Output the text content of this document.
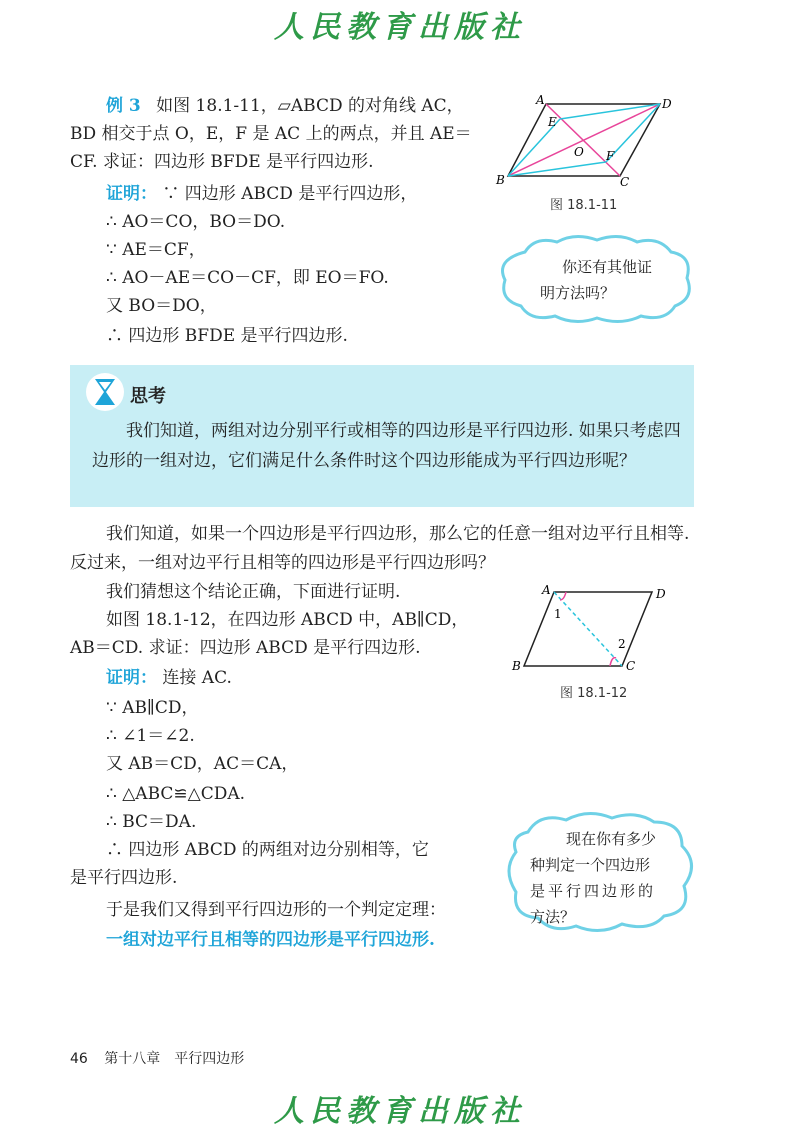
人民教育出版社
例 3 如图 18.1-11，▱ABCD 的对角线 AC，
BD 相交于点 O，E，F 是 AC 上的两点，并且 AE＝
CF. 求证：四边形 BFDE 是平行四边形.
证明： ∵ 四边形 ABCD 是平行四边形，
∴ AO＝CO，BO＝DO.
∵ AE＝CF，
∴ AO－AE＝CO－CF，即 EO＝FO.
又 BO＝DO，
∴ 四边形 BFDE 是平行四边形.
A	D
B	C
E
F
O
图 18.1-11
你还有其他证
明方法吗？
思考
我们知道，两组对边分别平行或相等的四边形是平行四边形. 如果只考虑四边形的一组对边，它们满足什么条件时这个四边形能成为平行四边形呢？
我们知道，如果一个四边形是平行四边形，那么它的任意一组对边平行且相等. 反过来，一组对边平行且相等的四边形是平行四边形吗？
我们猜想这个结论正确，下面进行证明.
如图 18.1-12，在四边形 ABCD 中，AB∥CD，
AB＝CD. 求证：四边形 ABCD 是平行四边形.
证明： 连接 AC.
∵ AB∥CD，
∴ ∠1＝∠2.
又 AB＝CD，AC＝CA，
∴ △ABC≌△CDA.
∴ BC＝DA.
∴ 四边形 ABCD 的两组对边分别相等，它
是平行四边形.
于是我们又得到平行四边形的一个判定定理：
一组对边平行且相等的四边形是平行四边形.
A	D
B	C
1
2
图 18.1-12
现在你有多少
种判定一个四边形
是平行四边形的
方法？
46 第十八章　平行四边形
人民教育出版社
